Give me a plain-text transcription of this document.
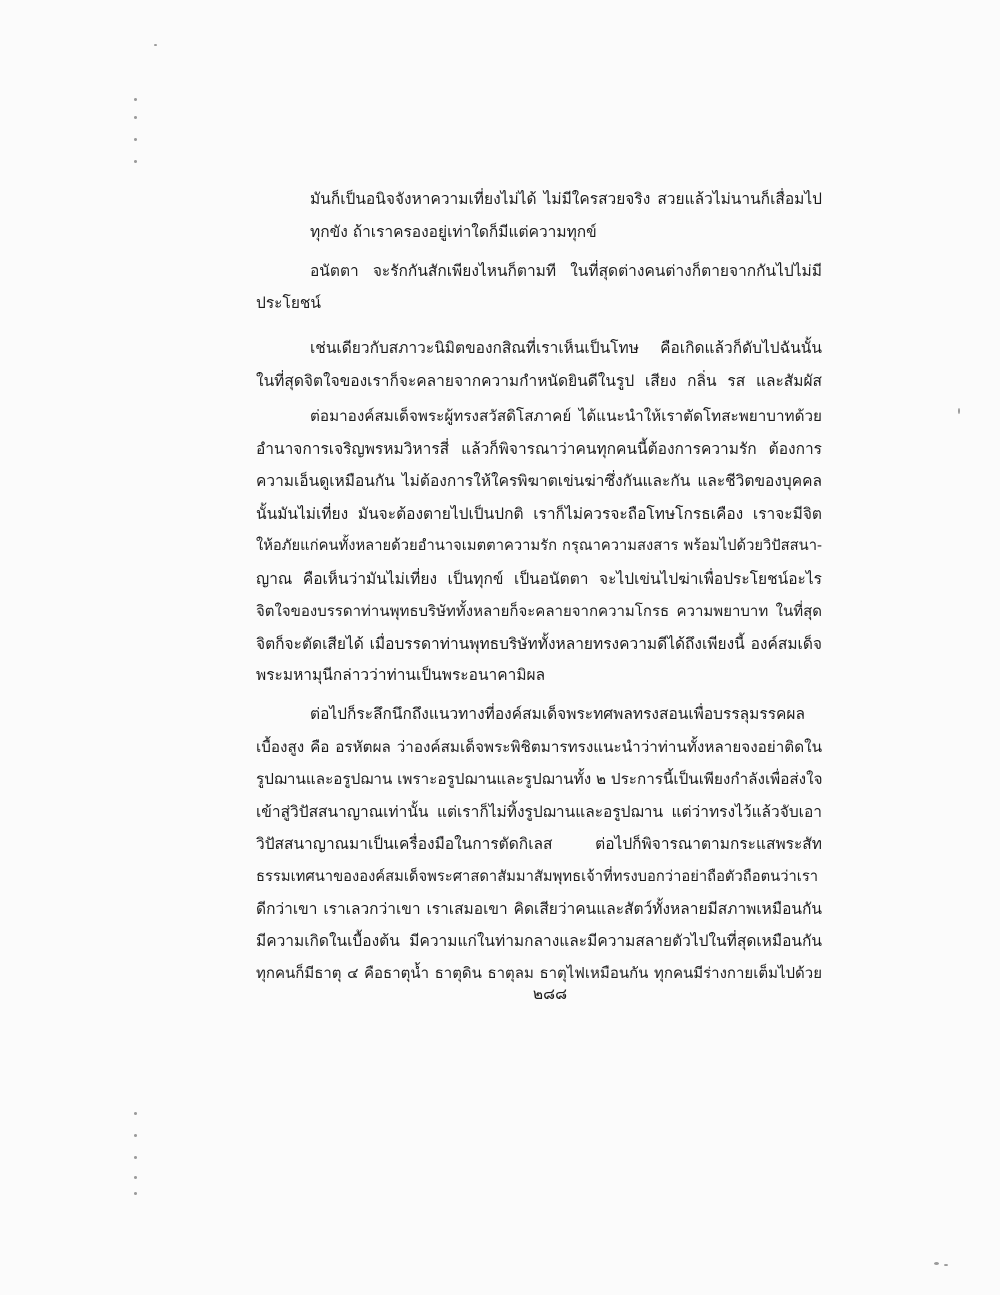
มันก็เป็นอนิจจังหาความเที่ยงไม่ได้ ไม่มีใครสวยจริง สวยแล้วไม่นานก็เสื่อมไป
ทุกขัง ถ้าเราครองอยู่เท่าใดก็มีแต่ความทุกข์
อนัตตา จะรักกันสักเพียงไหนก็ตามที ในที่สุดต่างคนต่างก็ตายจากกันไปไม่มี
ประโยชน์
เช่นเดียวกับสภาวะนิมิตของกสิณที่เราเห็นเป็นโทษ คือเกิดแล้วก็ดับไปฉันนั้น
ในที่สุดจิตใจของเราก็จะคลายจากความกำหนัดยินดีในรูป เสียง กลิ่น รส และสัมผัส
ต่อมาองค์สมเด็จพระผู้ทรงสวัสดิโสภาคย์ ได้แนะนำให้เราตัดโทสะพยาบาทด้วย
อำนาจการเจริญพรหมวิหารสี่ แล้วก็พิจารณาว่าคนทุกคนนี้ต้องการความรัก ต้องการ
ความเอ็นดูเหมือนกัน ไม่ต้องการให้ใครพิฆาตเข่นฆ่าซึ่งกันและกัน และชีวิตของบุคคล
นั้นมันไม่เที่ยง มันจะต้องตายไปเป็นปกติ เราก็ไม่ควรจะถือโทษโกรธเคือง เราจะมีจิต
ให้อภัยแก่คนทั้งหลายด้วยอำนาจเมตตาความรัก กรุณาความสงสาร พร้อมไปด้วยวิปัสสนา-
ญาณ คือเห็นว่ามันไม่เที่ยง เป็นทุกข์ เป็นอนัตตา จะไปเข่นไปฆ่าเพื่อประโยชน์อะไร
จิตใจของบรรดาท่านพุทธบริษัททั้งหลายก็จะคลายจากความโกรธ ความพยาบาท ในที่สุด
จิตก็จะตัดเสียได้ เมื่อบรรดาท่านพุทธบริษัททั้งหลายทรงความดีได้ถึงเพียงนี้ องค์สมเด็จ
พระมหามุนีกล่าวว่าท่านเป็นพระอนาคามิผล
ต่อไปก็ระลึกนึกถึงแนวทางที่องค์สมเด็จพระทศพลทรงสอนเพื่อบรรลุมรรคผล
เบื้องสูง คือ อรหัตผล ว่าองค์สมเด็จพระพิชิตมารทรงแนะนำว่าท่านทั้งหลายจงอย่าติดใน
รูปฌานและอรูปฌาน เพราะอรูปฌานและรูปฌานทั้ง ๒ ประการนี้เป็นเพียงกำลังเพื่อส่งใจ
เข้าสู่วิปัสสนาญาณเท่านั้น แต่เราก็ไม่ทิ้งรูปฌานและอรูปฌาน แต่ว่าทรงไว้แล้วจับเอา
วิปัสสนาญาณมาเป็นเครื่องมือในการตัดกิเลส ต่อไปก็พิจารณาตามกระแสพระสัท
ธรรมเทศนาขององค์สมเด็จพระศาสดาสัมมาสัมพุทธเจ้าที่ทรงบอกว่าอย่าถือตัวถือตนว่าเรา
ดีกว่าเขา เราเลวกว่าเขา เราเสมอเขา คิดเสียว่าคนและสัตว์ทั้งหลายมีสภาพเหมือนกัน
มีความเกิดในเบื้องต้น มีความแก่ในท่ามกลางและมีความสลายตัวไปในที่สุดเหมือนกัน
ทุกคนก็มีธาตุ ๔ คือธาตุน้ำ ธาตุดิน ธาตุลม ธาตุไฟเหมือนกัน ทุกคนมีร่างกายเต็มไปด้วย
๒๘๘
